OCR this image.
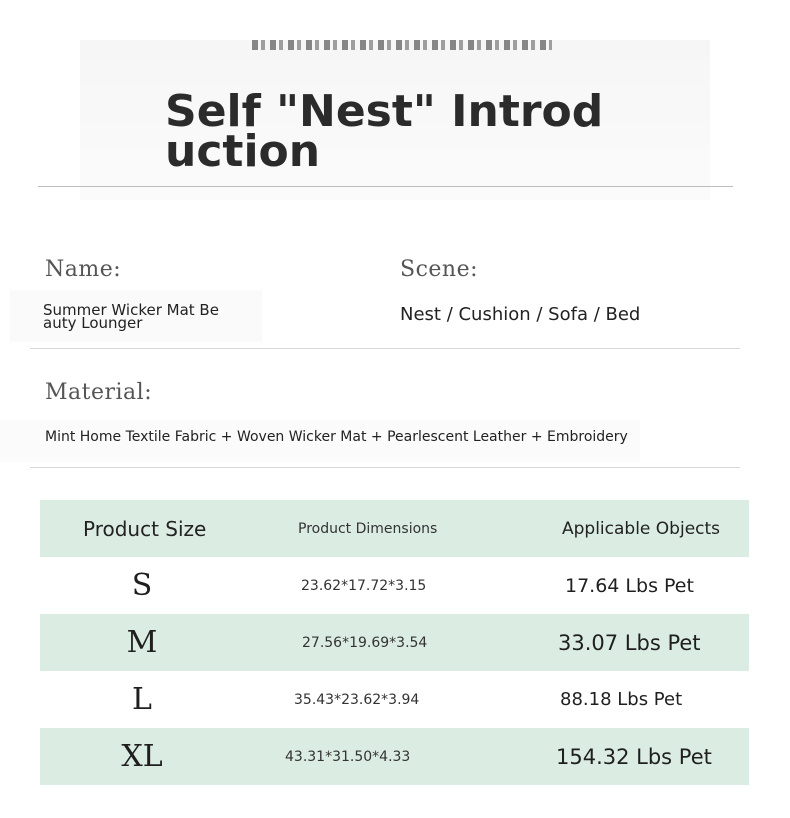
Self "Nest" Introduction
Name:
Summer Wicker Mat Beauty Lounger
Scene:
Nest / Cushion / Sofa / Bed
Material:
Mint Home Textile Fabric + Woven Wicker Mat + Pearlescent Leather + Embroidery
Product Size	Product Dimensions	Applicable Objects
S	23.62*17.72*3.15	17.64 Lbs Pet
M	27.56*19.69*3.54	33.07 Lbs Pet
L	35.43*23.62*3.94	88.18 Lbs Pet
XL	43.31*31.50*4.33	154.32 Lbs Pet
